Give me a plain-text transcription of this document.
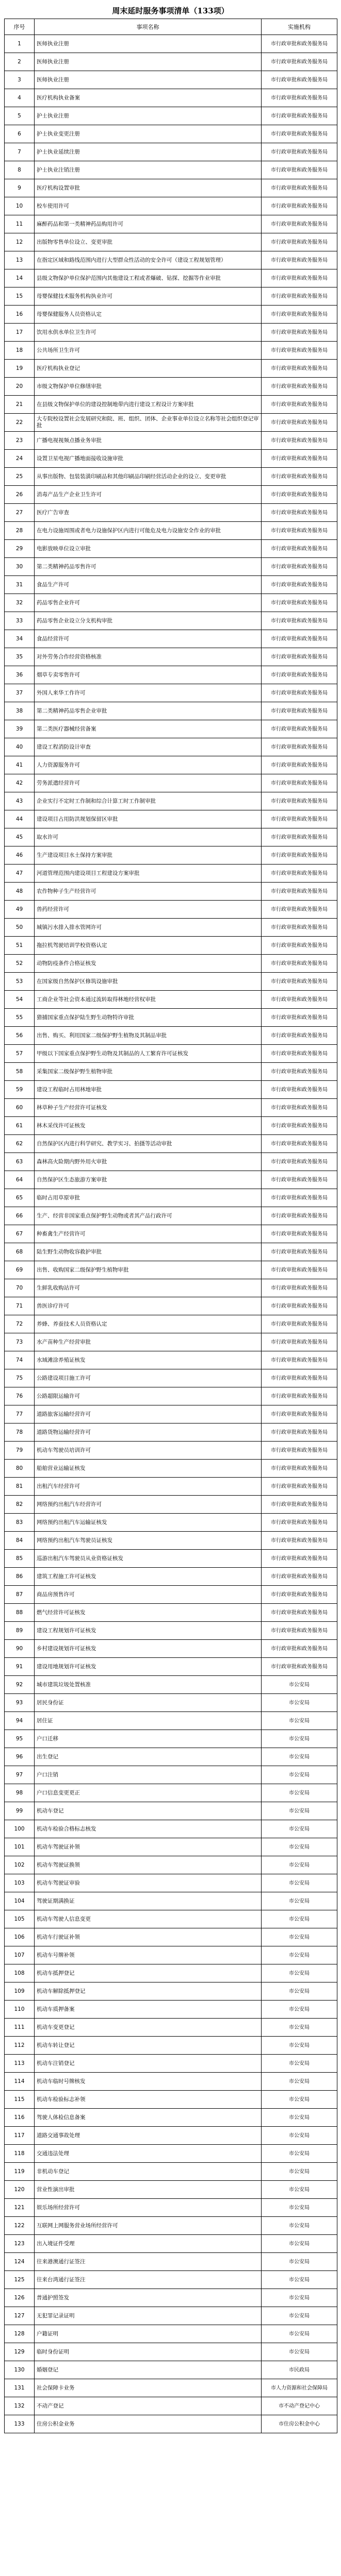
周末延时服务事项清单（133项）
序号	事项名称	实施机构
1	医师执业注册	市行政审批和政务服务局
2	医师执业注册	市行政审批和政务服务局
3	医师执业注册	市行政审批和政务服务局
4	医疗机构执业备案	市行政审批和政务服务局
5	护士执业注册	市行政审批和政务服务局
6	护士执业变更注册	市行政审批和政务服务局
7	护士执业延续注册	市行政审批和政务服务局
8	护士执业注销注册	市行政审批和政务服务局
9	医疗机构设置审批	市行政审批和政务服务局
10	校车使用许可	市行政审批和政务服务局
11	麻醉药品和第一类精神药品购用许可	市行政审批和政务服务局
12	出版物零售单位设立、变更审批	市行政审批和政务服务局
13	在指定区域和路线范围内进行大型群众性活动的安全许可（建设工程规划管理）	市行政审批和政务服务局
14	县级文物保护单位保护范围内其他建设工程或者爆破、钻探、挖掘等作业审批	市行政审批和政务服务局
15	母婴保健技术服务机构执业许可	市行政审批和政务服务局
16	母婴保健服务人员资格认定	市行政审批和政务服务局
17	饮用水供水单位卫生许可	市行政审批和政务服务局
18	公共场所卫生许可	市行政审批和政务服务局
19	医疗机构执业登记	市行政审批和政务服务局
20	市级文物保护单位修缮审批	市行政审批和政务服务局
21	在县级文物保护单位的建设控制地带内进行建设工程设计方案审批	市行政审批和政务服务局
22	大专院校设置社会发展研究和院、班、组织、团体、企业事业单位设立名称等社会组织登记审批	市行政审批和政务服务局
23	广播电视视频点播业务审批	市行政审批和政务服务局
24	设置卫星电视广播地面接收设施审批	市行政审批和政务服务局
25	从事出版物、包装装潢印刷品和其他印刷品印刷经营活动企业的设立、变更审批	市行政审批和政务服务局
26	消毒产品生产企业卫生许可	市行政审批和政务服务局
27	医疗广告审查	市行政审批和政务服务局
28	在电力设施周围或者电力设施保护区内进行可能危及电力设施安全作业的审批	市行政审批和政务服务局
29	电影放映单位设立审批	市行政审批和政务服务局
30	第二类精神药品零售许可	市行政审批和政务服务局
31	食品生产许可	市行政审批和政务服务局
32	药品零售企业许可	市行政审批和政务服务局
33	药品零售企业设立分支机构审批	市行政审批和政务服务局
34	食品经营许可	市行政审批和政务服务局
35	对外劳务合作经营资格核准	市行政审批和政务服务局
36	烟草专卖零售许可	市行政审批和政务服务局
37	外国人来华工作许可	市行政审批和政务服务局
38	第二类精神药品零售企业审批	市行政审批和政务服务局
39	第二类医疗器械经营备案	市行政审批和政务服务局
40	建设工程消防设计审查	市行政审批和政务服务局
41	人力资源服务许可	市行政审批和政务服务局
42	劳务派遣经营许可	市行政审批和政务服务局
43	企业实行不定时工作制和综合计算工时工作制审批	市行政审批和政务服务局
44	建设项目占用防洪规划保留区审批	市行政审批和政务服务局
45	取水许可	市行政审批和政务服务局
46	生产建设项目水土保持方案审批	市行政审批和政务服务局
47	河道管理范围内建设项目工程建设方案审批	市行政审批和政务服务局
48	农作物种子生产经营许可	市行政审批和政务服务局
49	兽药经营许可	市行政审批和政务服务局
50	城镇污水排入排水管网许可	市行政审批和政务服务局
51	拖拉机驾驶培训学校资格认定	市行政审批和政务服务局
52	动物防疫条件合格证核发	市行政审批和政务服务局
53	在国家级自然保护区修筑设施审批	市行政审批和政务服务局
54	工商企业等社会资本通过流转取得林地经营权审批	市行政审批和政务服务局
55	猎捕国家重点保护陆生野生动物特许审批	市行政审批和政务服务局
56	出售、购买、利用国家二级保护野生植物及其制品审批	市行政审批和政务服务局
57	甲级以下国家重点保护野生动物及其制品的人工繁育许可证核发	市行政审批和政务服务局
58	采集国家二级保护野生植物审批	市行政审批和政务服务局
59	建设工程临时占用林地审批	市行政审批和政务服务局
60	林草种子生产经营许可证核发	市行政审批和政务服务局
61	林木采伐许可证核发	市行政审批和政务服务局
62	自然保护区内进行科学研究、教学实习、拍摄等活动审批	市行政审批和政务服务局
63	森林高火险期内野外用火审批	市行政审批和政务服务局
64	自然保护区生态旅游方案审批	市行政审批和政务服务局
65	临时占用草原审批	市行政审批和政务服务局
66	生产、经营非国家重点保护野生动物或者其产品行政许可	市行政审批和政务服务局
67	种畜禽生产经营许可	市行政审批和政务服务局
68	陆生野生动物收容救护审批	市行政审批和政务服务局
69	出售、收购国家二级保护野生植物审批	市行政审批和政务服务局
70	生鲜乳收购站许可	市行政审批和政务服务局
71	兽医诊疗许可	市行政审批和政务服务局
72	养蜂、养蚕技术人员资格认定	市行政审批和政务服务局
73	水产苗种生产经营审批	市行政审批和政务服务局
74	水域滩涂养殖证核发	市行政审批和政务服务局
75	公路建设项目施工许可	市行政审批和政务服务局
76	公路超限运输许可	市行政审批和政务服务局
77	道路旅客运输经营许可	市行政审批和政务服务局
78	道路货物运输经营许可	市行政审批和政务服务局
79	机动车驾驶员培训许可	市行政审批和政务服务局
80	船舶营业运输证核发	市行政审批和政务服务局
81	出租汽车经营许可	市行政审批和政务服务局
82	网络预约出租汽车经营许可	市行政审批和政务服务局
83	网络预约出租汽车运输证核发	市行政审批和政务服务局
84	网络预约出租汽车驾驶员证核发	市行政审批和政务服务局
85	巡游出租汽车驾驶员从业资格证核发	市行政审批和政务服务局
86	建筑工程施工许可证核发	市行政审批和政务服务局
87	商品房预售许可	市行政审批和政务服务局
88	燃气经营许可证核发	市行政审批和政务服务局
89	建设工程规划许可证核发	市行政审批和政务服务局
90	乡村建设规划许可证核发	市行政审批和政务服务局
91	建设用地规划许可证核发	市行政审批和政务服务局
92	城市建筑垃圾处置核准	市公安局
93	居民身份证	市公安局
94	居住证	市公安局
95	户口迁移	市公安局
96	出生登记	市公安局
97	户口注销	市公安局
98	户口信息变更更正	市公安局
99	机动车登记	市公安局
100	机动车检验合格标志核发	市公安局
101	机动车驾驶证补领	市公安局
102	机动车驾驶证换领	市公安局
103	机动车驾驶证审验	市公安局
104	驾驶证期满换证	市公安局
105	机动车驾驶人信息变更	市公安局
106	机动车行驶证补领	市公安局
107	机动车号牌补领	市公安局
108	机动车抵押登记	市公安局
109	机动车解除抵押登记	市公安局
110	机动车质押备案	市公安局
111	机动车变更登记	市公安局
112	机动车转让登记	市公安局
113	机动车注销登记	市公安局
114	机动车临时号牌核发	市公安局
115	机动车检验标志补领	市公安局
116	驾驶人体检信息备案	市公安局
117	道路交通事故处理	市公安局
118	交通违法处理	市公安局
119	非机动车登记	市公安局
120	营业性演出审批	市公安局
121	娱乐场所经营许可	市公安局
122	互联网上网服务营业场所经营许可	市公安局
123	出入境证件受理	市公安局
124	往来港澳通行证签注	市公安局
125	往来台湾通行证签注	市公安局
126	普通护照签发	市公安局
127	无犯罪记录证明	市公安局
128	户籍证明	市公安局
129	临时身份证明	市公安局
130	婚姻登记	市民政局
131	社会保障卡业务	市人力资源和社会保障局
132	不动产登记	市不动产登记中心
133	住房公积金业务	市住房公积金中心
